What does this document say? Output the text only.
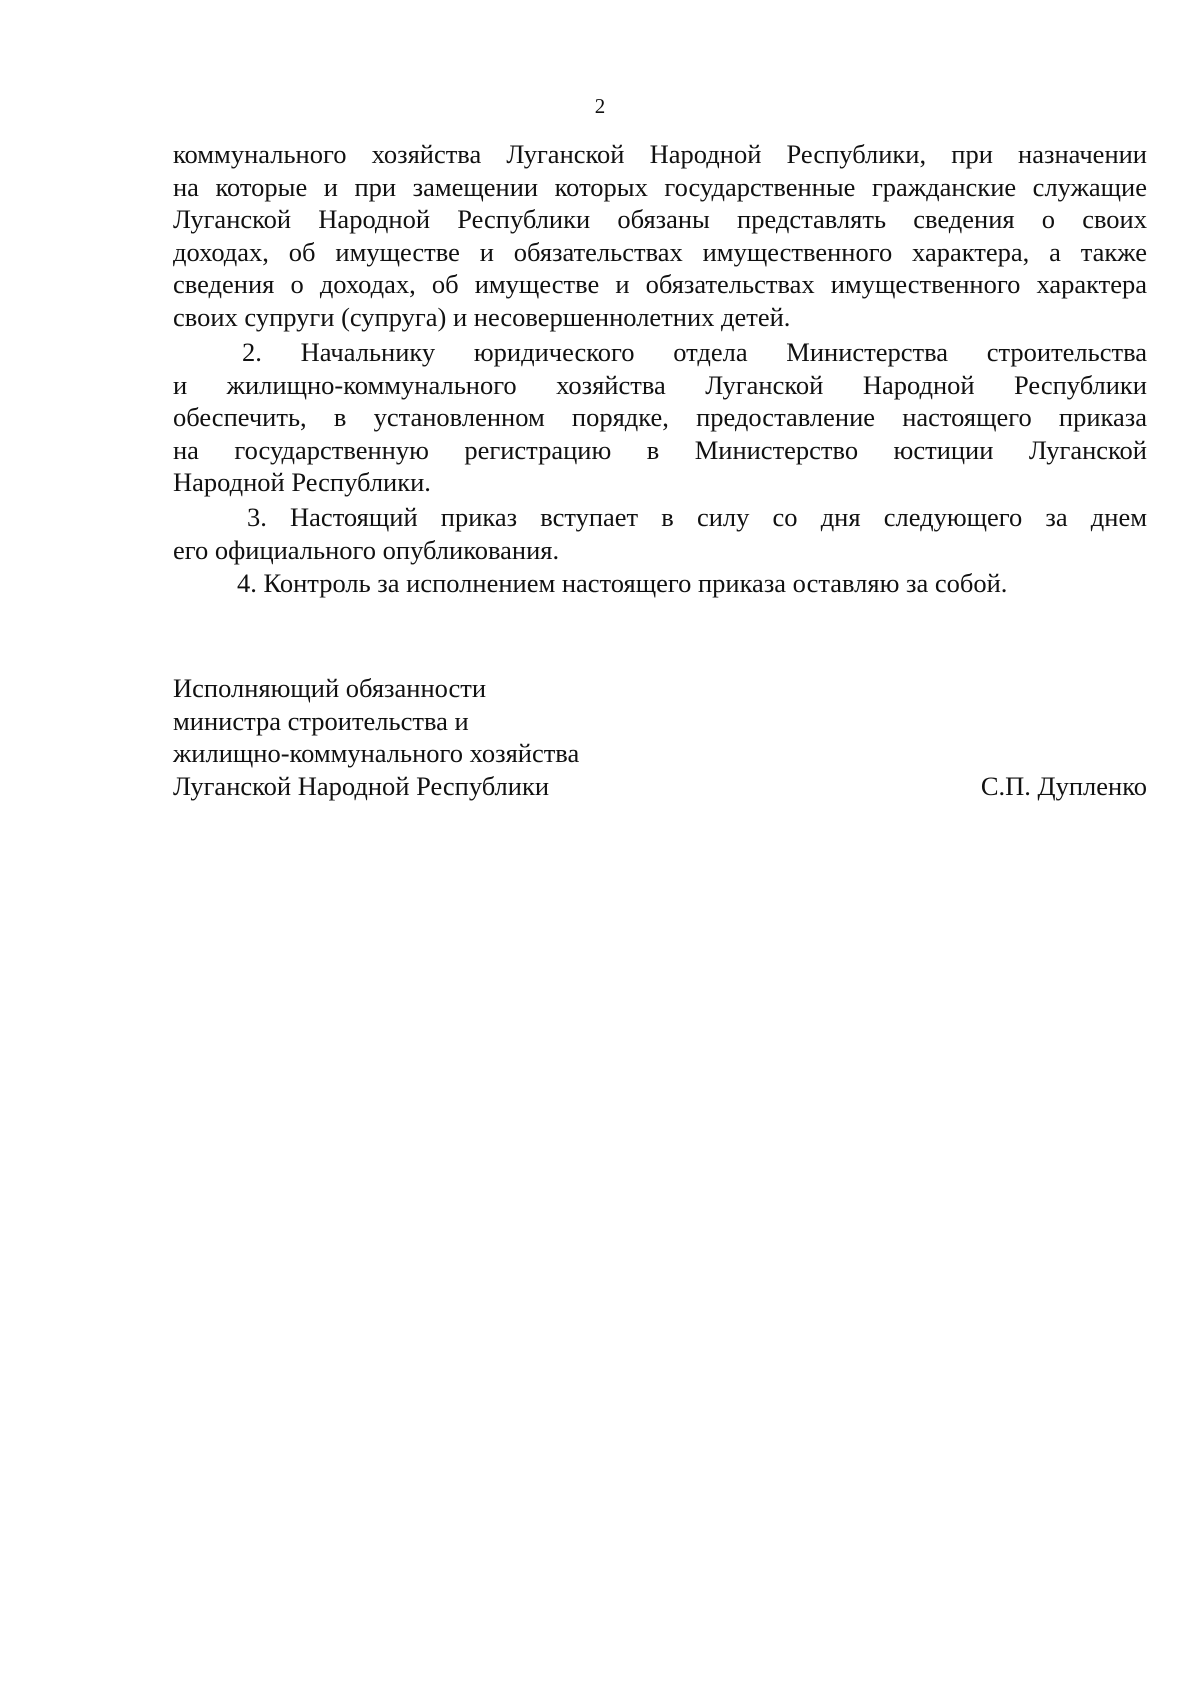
2
коммунального хозяйства Луганской Народной Республики, при назначении
на которые и при замещении которых государственные гражданские служащие
Луганской Народной Республики обязаны представлять сведения о своих
доходах, об имуществе и обязательствах имущественного характера, а также
сведения о доходах, об имуществе и обязательствах имущественного характера
своих супруги (супруга) и несовершеннолетних детей.
2. Начальнику юридического отдела Министерства строительства
и жилищно-коммунального хозяйства Луганской Народной Республики
обеспечить, в установленном порядке, предоставление настоящего приказа
на государственную регистрацию в Министерство юстиции Луганской
Народной Республики.
3. Настоящий приказ вступает в силу со дня следующего за днем
его официального опубликования.
4. Контроль за исполнением настоящего приказа оставляю за собой.
Исполняющий обязанности
министра строительства и
жилищно-коммунального хозяйства
Луганской Народной Республики	С.П. Дупленко
